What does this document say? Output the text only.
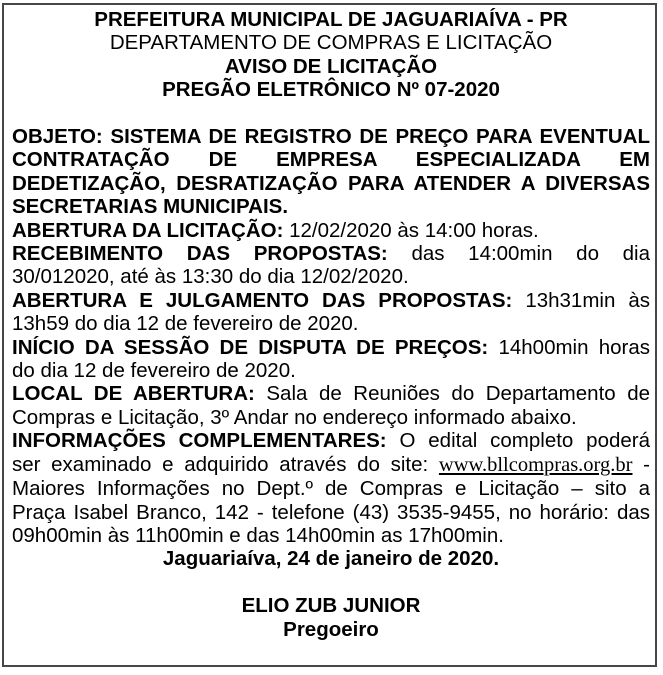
PREFEITURA MUNICIPAL DE JAGUARIAÍVA - PR
DEPARTAMENTO DE COMPRAS E LICITAÇÃO
AVISO DE LICITAÇÃO
PREGÃO ELETRÔNICO Nº 07-2020
OBJETO: SISTEMA DE REGISTRO DE PREÇO PARA EVENTUAL
CONTRATAÇÃO DE EMPRESA ESPECIALIZADA EM
DEDETIZAÇÃO, DESRATIZAÇÃO PARA ATENDER A DIVERSAS
SECRETARIAS MUNICIPAIS.
ABERTURA DA LICITAÇÃO: 12/02/2020 às 14:00 horas.
RECEBIMENTO DAS PROPOSTAS: das 14:00min do dia
30/012020, até às 13:30 do dia 12/02/2020.
ABERTURA E JULGAMENTO DAS PROPOSTAS: 13h31min às
13h59 do dia 12 de fevereiro de 2020.
INÍCIO DA SESSÃO DE DISPUTA DE PREÇOS: 14h00min horas
do dia 12 de fevereiro de 2020.
LOCAL DE ABERTURA: Sala de Reuniões do Departamento de
Compras e Licitação, 3º Andar no endereço informado abaixo.
INFORMAÇÕES COMPLEMENTARES: O edital completo poderá
ser examinado e adquirido através do site: www.bllcompras.org.br -
Maiores Informações no Dept.º de Compras e Licitação – sito a
Praça Isabel Branco, 142 - telefone (43) 3535-9455, no horário: das
09h00min às 11h00min e das 14h00min as 17h00min.
Jaguariaíva, 24 de janeiro de 2020.

ELIO ZUB JUNIOR
Pregoeiro
